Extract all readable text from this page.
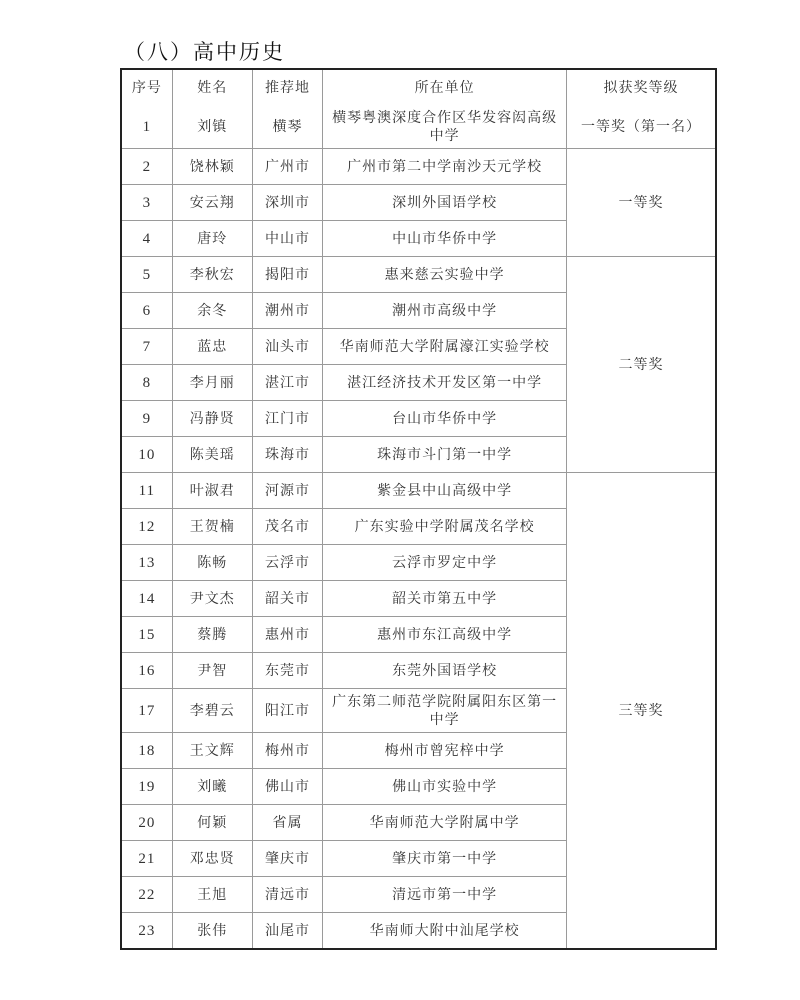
（八）高中历史
序号	姓名	推荐地	所在单位	拟获奖等级
1	刘镇	横琴	横琴粤澳深度合作区华发容闳高级中学	一等奖（第一名）
2	饶林颖	广州市	广州市第二中学南沙天元学校	一等奖
3	安云翔	深圳市	深圳外国语学校	
4	唐玲	中山市	中山市华侨中学	
5	李秋宏	揭阳市	惠来慈云实验中学	二等奖
6	余冬	潮州市	潮州市高级中学	
7	蓝忠	汕头市	华南师范大学附属濠江实验学校	
8	李月丽	湛江市	湛江经济技术开发区第一中学	
9	冯静贤	江门市	台山市华侨中学	
10	陈美瑶	珠海市	珠海市斗门第一中学	
11	叶淑君	河源市	紫金县中山高级中学	三等奖
12	王贺楠	茂名市	广东实验中学附属茂名学校	
13	陈畅	云浮市	云浮市罗定中学	
14	尹文杰	韶关市	韶关市第五中学	
15	蔡腾	惠州市	惠州市东江高级中学	
16	尹智	东莞市	东莞外国语学校	
17	李碧云	阳江市	广东第二师范学院附属阳东区第一中学	
18	王文辉	梅州市	梅州市曾宪梓中学	
19	刘曦	佛山市	佛山市实验中学	
20	何颖	省属	华南师范大学附属中学	
21	邓忠贤	肇庆市	肇庆市第一中学	
22	王旭	清远市	清远市第一中学	
23	张伟	汕尾市	华南师大附中汕尾学校	
